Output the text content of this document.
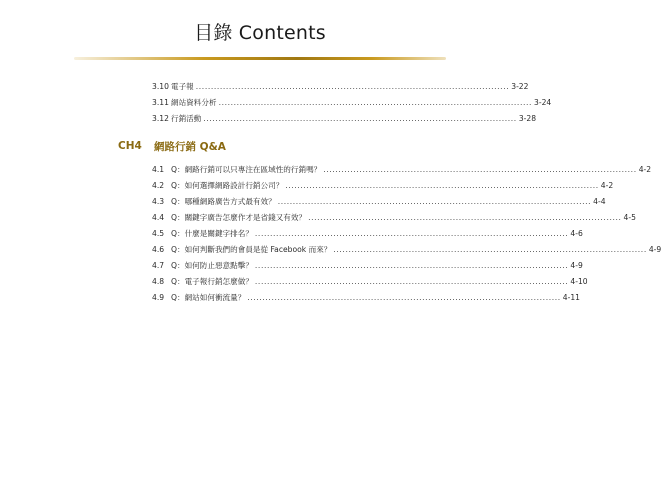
目錄 Contents
3.10 電子報 ........................................................................................................ 3-22
3.11 網站資料分析 ........................................................................................................ 3-24
3.12 行銷活動 ........................................................................................................ 3-28
CH4	網路行銷 Q&A
4.1 Q：網路行銷可以只專注在區域性的行銷嗎？ ........................................................................................................ 4-2
4.2 Q：如何選擇網路設計行銷公司？ ........................................................................................................ 4-2
4.3 Q：哪種網路廣告方式最有效？ ........................................................................................................ 4-4
4.4 Q：關鍵字廣告怎麼作才是省錢又有效？ ........................................................................................................ 4-5
4.5 Q：什麼是關鍵字排名？ ........................................................................................................ 4-6
4.6 Q：如何判斷我們的會員是從 Facebook 而來？ ........................................................................................................ 4-9
4.7 Q：如何防止惡意點擊？ ........................................................................................................ 4-9
4.8 Q：電子報行銷怎麼做？ ........................................................................................................ 4-10
4.9 Q：網站如何衝流量？ ........................................................................................................ 4-11
